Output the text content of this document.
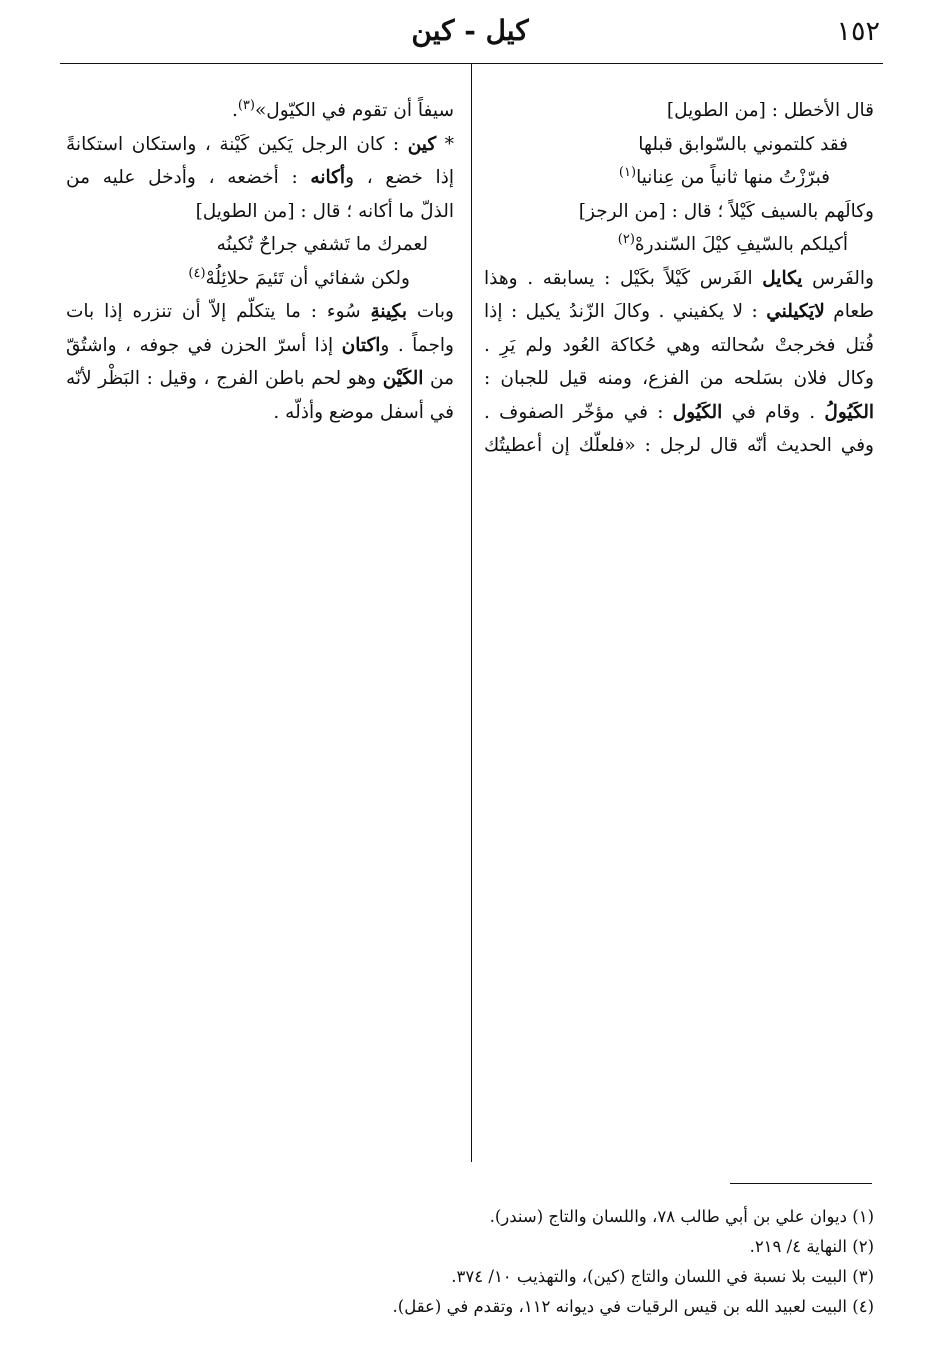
١٥٢
كيل - كين
قال الأخطل : [من الطويل]
فقد كلتموني بالسّوابق قبلها
فبرّزْتُ منها ثانياً من عِنانيا$^{(١)}$
وكالَهم بالسيف كَيْلاً ؛ قال : [من الرجز]
أكيلكم بالسّيفِ كيْلَ السّندرهْ$^{(٢)}$
والفَرس يكايل الفَرس كَيْلاً بكَيْل : يسابقه . وهذا
طعام لايَكيلني : لا يكفيني . وكالَ الزّندُ يكيل : إذا
فُتل فخرجتْ سُحالته وهي حُكاكة العُود ولم يَرِ .
وكال فلان بسَلحه من الفزع، ومنه قيل للجبان :
الكَيُولُ . وقام في الكَيُول : في مؤخّر الصفوف .
وفي الحديث أنّه قال لرجل : «فلعلّك إن أعطيتُك
سيفاً أن تقوم في الكيّول»$^{(٣)}$.
* كين : كان الرجل يَكين كَيْنة ، واستكان استكانةً
إذا خضع ، وأكانه : أخضعه ، وأدخل عليه من
الذلّ ما أكانه ؛ قال : [من الطويل]
لعمرك ما تَشفي جراحٌ تُكينُه
ولكن شفائي أن تَئيمَ حلائِلُهْ$^{(٤)}$
وبات بكِينةِ سُوء : ما يتكلّم إلاّ أن تنزره إذا بات
واجماً . واكتان إذا أسرّ الحزن في جوفه ، واشتُقّ
من الكَيْن وهو لحم باطن الفرج ، وقيل : البَظْر لأنّه
في أسفل موضع وأذلّه .
(١) ديوان علي بن أبي طالب ٧٨، واللسان والتاج (سندر).
(٢) النهاية ٤/ ٢١٩.
(٣) البيت بلا نسبة في اللسان والتاج (كين)، والتهذيب ١٠/ ٣٧٤.
(٤) البيت لعبيد الله بن قيس الرقيات في ديوانه ١١٢، وتقدم في (عقل).
